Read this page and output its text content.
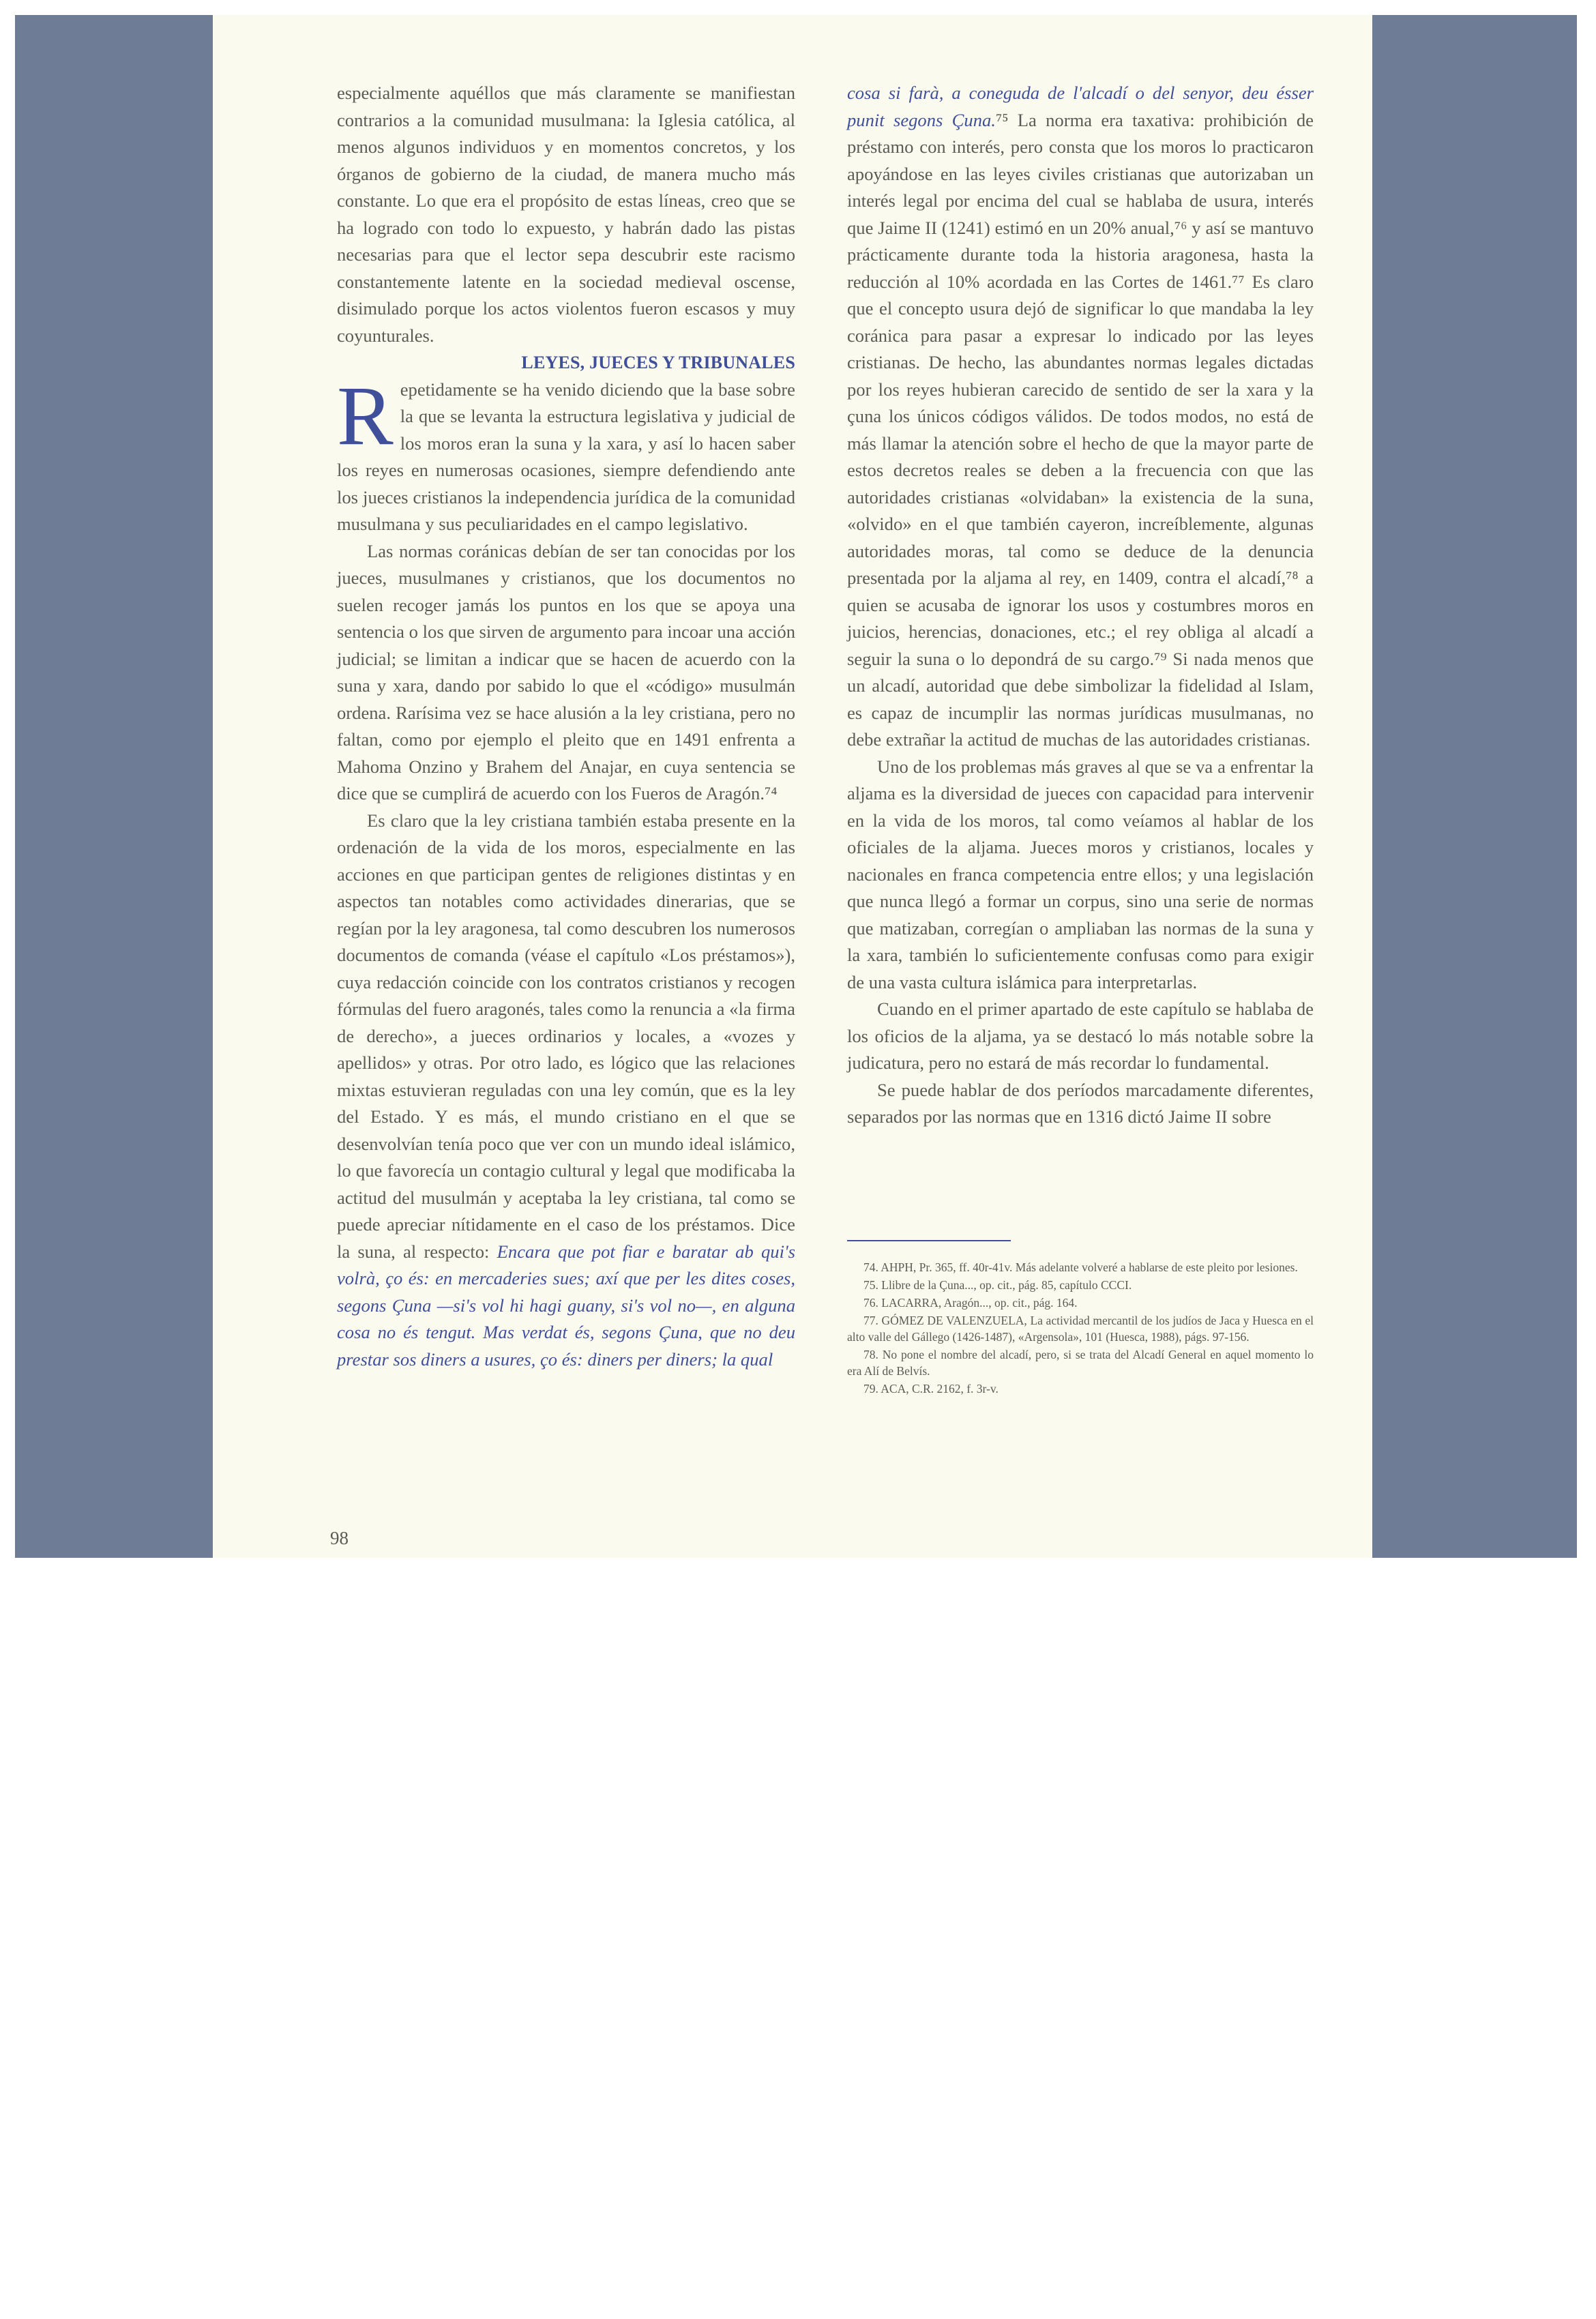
especialmente aquéllos que más claramente se manifiestan contrarios a la comunidad musulmana: la Iglesia católica, al menos algunos individuos y en momentos concretos, y los órganos de gobierno de la ciudad, de manera mucho más constante. Lo que era el propósito de estas líneas, creo que se ha logrado con todo lo expuesto, y habrán dado las pistas necesarias para que el lector sepa descubrir este racismo constantemente latente en la sociedad medieval oscense, disimulado porque los actos violentos fueron escasos y muy coyunturales.

LEYES, JUECES Y TRIBUNALES

Repetidamente se ha venido diciendo que la base sobre la que se levanta la estructura legislativa y judicial de los moros eran la suna y la xara, y así lo hacen saber los reyes en numerosas ocasiones, siempre defendiendo ante los jueces cristianos la independencia jurídica de la comunidad musulmana y sus peculiaridades en el campo legislativo.

Las normas coránicas debían de ser tan conocidas por los jueces, musulmanes y cristianos, que los documentos no suelen recoger jamás los puntos en los que se apoya una sentencia o los que sirven de argumento para incoar una acción judicial; se limitan a indicar que se hacen de acuerdo con la suna y xara, dando por sabido lo que el «código» musulmán ordena. Rarísima vez se hace alusión a la ley cristiana, pero no faltan, como por ejemplo el pleito que en 1491 enfrenta a Mahoma Onzino y Brahem del Anajar, en cuya sentencia se dice que se cumplirá de acuerdo con los Fueros de Aragón.⁷⁴

Es claro que la ley cristiana también estaba presente en la ordenación de la vida de los moros, especialmente en las acciones en que participan gentes de religiones distintas y en aspectos tan notables como actividades dinerarias, que se regían por la ley aragonesa, tal como descubren los numerosos documentos de comanda (véase el capítulo «Los préstamos»), cuya redacción coincide con los contratos cristianos y recogen fórmulas del fuero aragonés, tales como la renuncia a «la firma de derecho», a jueces ordinarios y locales, a «vozes y apellidos» y otras. Por otro lado, es lógico que las relaciones mixtas estuvieran reguladas con una ley común, que es la ley del Estado. Y es más, el mundo cristiano en el que se desenvolvían tenía poco que ver con un mundo ideal islámico, lo que favorecía un contagio cultural y legal que modificaba la actitud del musulmán y aceptaba la ley cristiana, tal como se puede apreciar nítidamente en el caso de los préstamos. Dice la suna, al respecto: Encara que pot fiar e baratar ab qui's volrà, ço és: en mercaderies sues; axí que per les dites coses, segons Çuna —si's vol hi hagi guany, si's vol no—, en alguna cosa no és tengut. Mas verdat és, segons Çuna, que no deu prestar sos diners a usures, ço és: diners per diners; la qual

cosa si farà, a coneguda de l'alcadí o del senyor, deu ésser punit segons Çuna.⁷⁵ La norma era taxativa: prohibición de préstamo con interés, pero consta que los moros lo practicaron apoyándose en las leyes civiles cristianas que autorizaban un interés legal por encima del cual se hablaba de usura, interés que Jaime II (1241) estimó en un 20% anual,⁷⁶ y así se mantuvo prácticamente durante toda la historia aragonesa, hasta la reducción al 10% acordada en las Cortes de 1461.⁷⁷ Es claro que el concepto usura dejó de significar lo que mandaba la ley coránica para pasar a expresar lo indicado por las leyes cristianas. De hecho, las abundantes normas legales dictadas por los reyes hubieran carecido de sentido de ser la xara y la çuna los únicos códigos válidos. De todos modos, no está de más llamar la atención sobre el hecho de que la mayor parte de estos decretos reales se deben a la frecuencia con que las autoridades cristianas «olvidaban» la existencia de la suna, «olvido» en el que también cayeron, increíblemente, algunas autoridades moras, tal como se deduce de la denuncia presentada por la aljama al rey, en 1409, contra el alcadí,⁷⁸ a quien se acusaba de ignorar los usos y costumbres moros en juicios, herencias, donaciones, etc.; el rey obliga al alcadí a seguir la suna o lo depondrá de su cargo.⁷⁹ Si nada menos que un alcadí, autoridad que debe simbolizar la fidelidad al Islam, es capaz de incumplir las normas jurídicas musulmanas, no debe extrañar la actitud de muchas de las autoridades cristianas.

Uno de los problemas más graves al que se va a enfrentar la aljama es la diversidad de jueces con capacidad para intervenir en la vida de los moros, tal como veíamos al hablar de los oficiales de la aljama. Jueces moros y cristianos, locales y nacionales en franca competencia entre ellos; y una legislación que nunca llegó a formar un corpus, sino una serie de normas que matizaban, corregían o ampliaban las normas de la suna y la xara, también lo suficientemente confusas como para exigir de una vasta cultura islámica para interpretarlas.

Cuando en el primer apartado de este capítulo se hablaba de los oficios de la aljama, ya se destacó lo más notable sobre la judicatura, pero no estará de más recordar lo fundamental.

Se puede hablar de dos períodos marcadamente diferentes, separados por las normas que en 1316 dictó Jaime II sobre

74. AHPH, Pr. 365, ff. 40r-41v. Más adelante volveré a hablarse de este pleito por lesiones.

75. Llibre de la Çuna..., op. cit., pág. 85, capítulo CCCI.

76. LACARRA, Aragón..., op. cit., pág. 164.

77. GÓMEZ DE VALENZUELA, La actividad mercantil de los judíos de Jaca y Huesca en el alto valle del Gállego (1426-1487), «Argensola», 101 (Huesca, 1988), págs. 97-156.

78. No pone el nombre del alcadí, pero, si se trata del Alcadí General en aquel momento lo era Alí de Belvís.

79. ACA, C.R. 2162, f. 3r-v.

98
